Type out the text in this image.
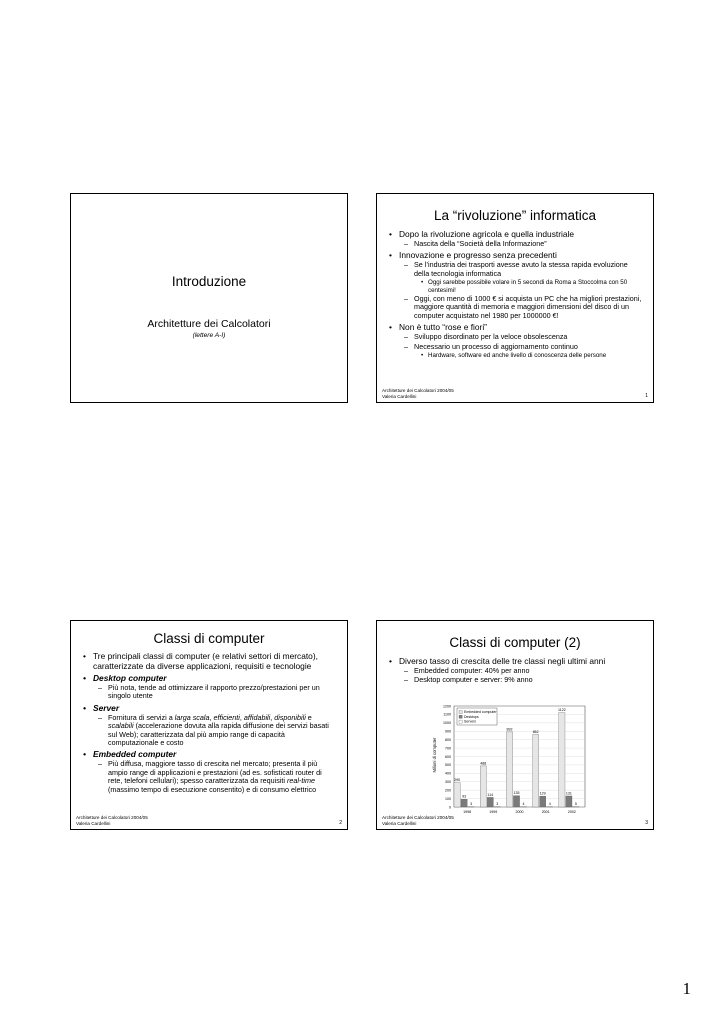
Introduzione
Architetture dei Calcolatori
(lettere A-I)
La “rivoluzione” informatica
• Dopo la rivoluzione agricola e quella industriale
– Nascita della “Società della Informazione”
• Innovazione e progresso senza precedenti
– Se l’industria dei trasporti avesse avuto la stessa rapida evoluzione della tecnologia informatica
• Oggi sarebbe possibile volare in 5 secondi da Roma a Stoccolma con 50 centesimi!
– Oggi, con meno di 1000 € si acquista un PC che ha migliori prestazioni, maggiore quantità di memoria e maggiori dimensioni del disco di un computer acquistato nel 1980 per 1000000 €!
• Non è tutto “rose e fiori”
– Sviluppo disordinato per la veloce obsolescenza
– Necessario un processo di aggiornamento continuo
• Hardware, software ed anche livello di conoscenza delle persone
Architetture dei Calcolatori 2004/05
Valeria Cardellini	1
Classi di computer
• Tre principali classi di computer (e relativi settori di mercato), caratterizzate da diverse applicazioni, requisiti e tecnologie
• Desktop computer
– Più nota, tende ad ottimizzare il rapporto prezzo/prestazioni per un singolo utente
• Server
– Fornitura di servizi a larga scala, efficienti, affidabili, disponibili e scalabili (accelerazione dovuta alla rapida diffusione dei servizi basati sul Web); caratterizzata dal più ampio range di capacità computazionale e costo
• Embedded computer
– Più diffusa, maggiore tasso di crescita nel mercato; presenta il più ampio range di applicazioni e prestazioni (ad es. sofisticati router di rete, telefoni cellulari); spesso caratterizzata da requisiti real-time (massimo tempo di esecuzione consentito) e di consumo elettrico
Architetture dei Calcolatori 2004/05
Valeria Cardellini	2
Classi di computer (2)
• Diverso tasso di crescita delle tre classi negli ultimi anni
– Embedded computer: 40% per anno
– Desktop computer e server: 9% anno
Milioni di computer
0
100
200
300
400
500
600
700
800
900
1000
1100
1200
1998	1999	2000	2001	2002
290
93
3
488
114
3
892
135
4
862
129
4
1122
131
5
Embedded computer
Desktops
Servers
Architetture dei Calcolatori 2004/05
Valeria Cardellini	3
1
